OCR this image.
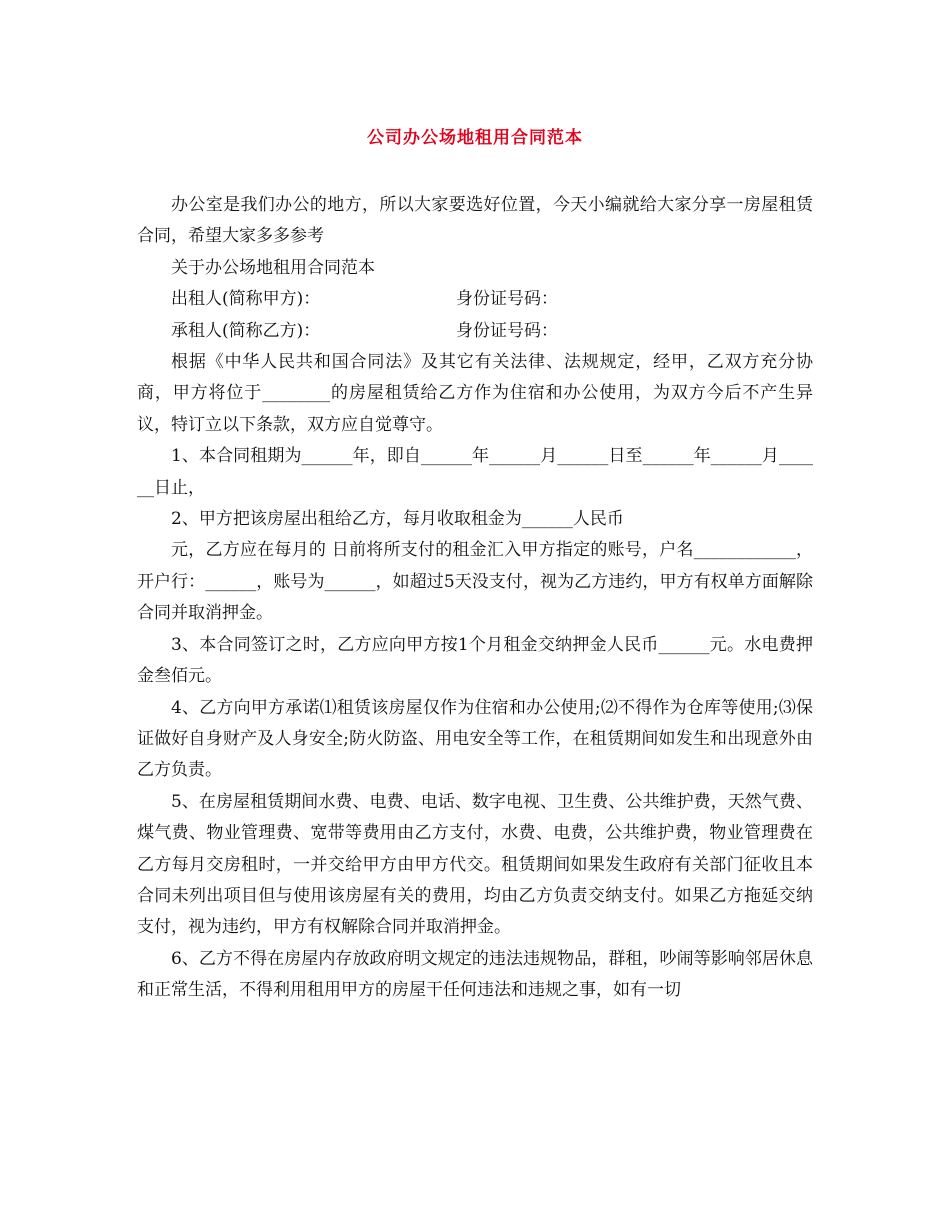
公司办公场地租用合同范本

办公室是我们办公的地方，所以大家要选好位置，今天小编就给大家分享一房屋租赁合同，希望大家多多参考

关于办公场地租用合同范本

出租人(简称甲方)：	身份证号码：

承租人(简称乙方)：	身份证号码：

根据《中华人民共和国合同法》及其它有关法律、法规规定，经甲，乙双方充分协商，甲方将位于________的房屋租赁给乙方作为住宿和办公使用，为双方今后不产生异议，特订立以下条款，双方应自觉尊守。

1、本合同租期为______年，即自______年______月______日至______年______月______日止，

2、甲方把该房屋出租给乙方，每月收取租金为______人民币

元，乙方应在每月的 日前将所支付的租金汇入甲方指定的账号，户名____________，开户行：______，账号为______，如超过5天没支付，视为乙方违约，甲方有权单方面解除合同并取消押金。

3、本合同签订之时，乙方应向甲方按1个月租金交纳押金人民币______元。水电费押金叁佰元。

4、乙方向甲方承诺⑴租赁该房屋仅作为住宿和办公使用;⑵不得作为仓库等使用;⑶保证做好自身财产及人身安全;防火防盗、用电安全等工作，在租赁期间如发生和出现意外由乙方负责。

5、在房屋租赁期间水费、电费、电话、数字电视、卫生费、公共维护费，天然气费、煤气费、物业管理费、宽带等费用由乙方支付，水费、电费，公共维护费，物业管理费在乙方每月交房租时，一并交给甲方由甲方代交。租赁期间如果发生政府有关部门征收且本合同未列出项目但与使用该房屋有关的费用，均由乙方负责交纳支付。如果乙方拖延交纳支付，视为违约，甲方有权解除合同并取消押金。

6、乙方不得在房屋内存放政府明文规定的违法违规物品，群租，吵闹等影响邻居休息和正常生活，不得利用租用甲方的房屋干任何违法和违规之事，如有一切
